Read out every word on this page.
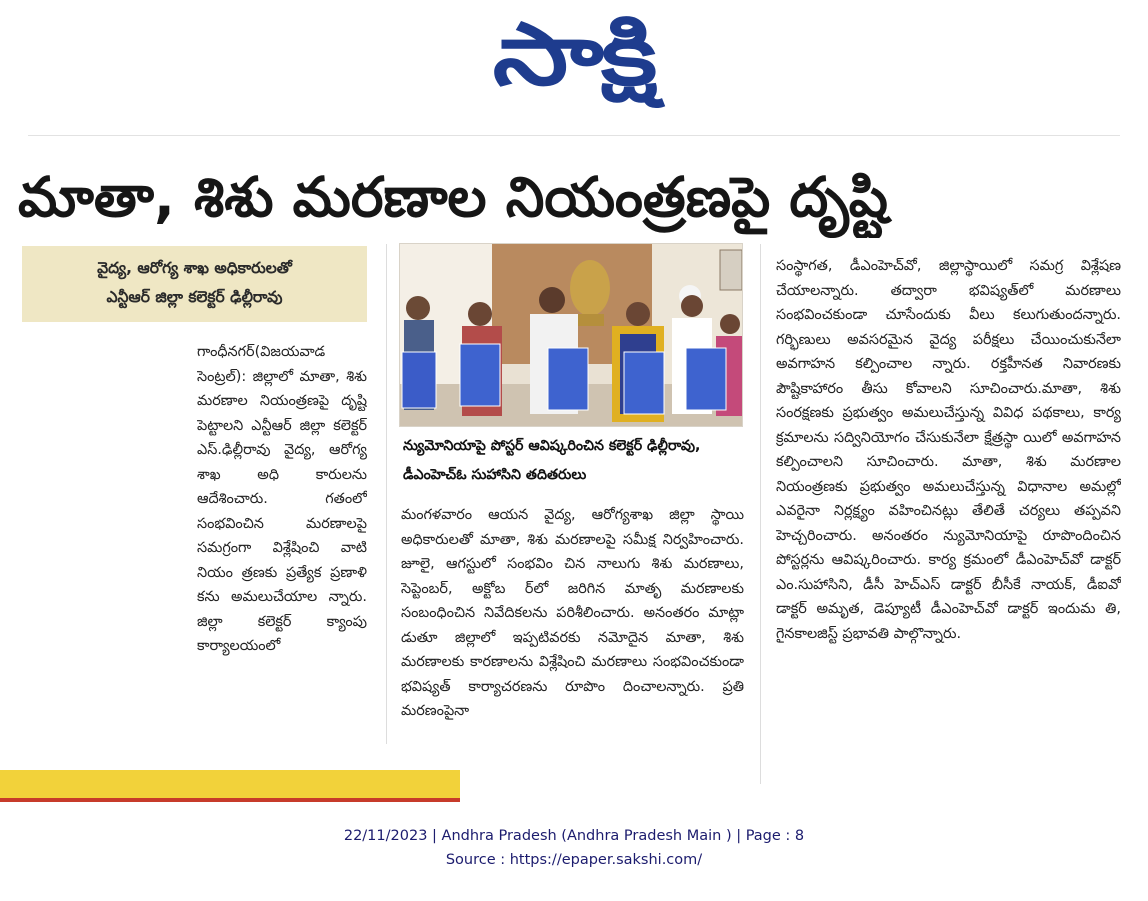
సాక్షి
మాతా, శిశు మరణాల నియంత్రణపై దృష్టి
వైద్య, ఆరోగ్య శాఖ అధికారులతో
ఎన్టీఆర్ జిల్లా కలెక్టర్ ఢిల్లీరావు

గాంధీనగర్(విజయవాడ సెంట్రల్): జిల్లాలో మాతా, శిశు మరణాల నియంత్రణపై దృష్టి పెట్టాలని ఎన్టీఆర్ జిల్లా కలెక్టర్ ఎస్.ఢిల్లీరావు వైద్య, ఆరోగ్య శాఖ అధి కారులను ఆదేశించారు. గతంలో సంభవించిన మరణాలపై సమగ్రంగా విశ్లేషించి వాటి నియం త్రణకు ప్రత్యేక ప్రణాళి కను అమలుచేయాల న్నారు. జిల్లా కలెక్టర్ క్యాంపు కార్యాలయంలో

న్యుమోనియాపై పోస్టర్ ఆవిష్కరించిన కలెక్టర్ ఢిల్లీరావు, డీఎంహెచ్‌ఓ సుహాసిని తదితరులు

మంగళవారం ఆయన వైద్య, ఆరోగ్యశాఖ జిల్లా స్థాయి అధికారులతో మాతా, శిశు మరణాలపై సమీక్ష నిర్వహించారు. జూలై, ఆగస్టులో సంభవిం చిన నాలుగు శిశు మరణాలు, సెప్టెంబర్, అక్టోబ ర్‌లో జరిగిన మాతృ మరణాలకు సంబంధించిన నివేదికలను పరిశీలించారు. అనంతరం మాట్లా డుతూ జిల్లాలో ఇప్పటివరకు నమోదైన మాతా, శిశు మరణాలకు కారణాలను విశ్లేషించి మరణాలు సంభవించకుండా భవిష్యత్ కార్యాచరణను రూపొం దించాలన్నారు. ప్రతి మరణంపైనా

సంస్థాగత, డీఎంహెచ్‌వో, జిల్లాస్థాయిలో సమగ్ర విశ్లేషణ చేయాలన్నారు. తద్వారా భవిష్యత్‌లో మరణాలు సంభవించకుండా చూసేందుకు వీలు కలుగుతుందన్నారు. గర్భిణులు అవసరమైన వైద్య పరీక్షలు చేయించుకునేలా అవగాహన కల్పించాల న్నారు. రక్తహీనత నివారణకు పౌష్టికాహారం తీసు కోవాలని సూచించారు.మాతా, శిశు సంరక్షణకు ప్రభుత్వం అమలుచేస్తున్న వివిధ పథకాలు, కార్య క్రమాలను సద్వినియోగం చేసుకునేలా క్షేత్రస్థా యిలో అవగాహన కల్పించాలని సూచించారు. మాతా, శిశు మరణాల నియంత్రణకు ప్రభుత్వం అమలుచేస్తున్న విధానాల అమల్లో ఎవరైనా నిర్లక్ష్యం వహించినట్లు తేలితే చర్యలు తప్పవని హెచ్చరించారు. అనంతరం న్యుమోనియాపై రూపొందించిన పోస్టర్లను ఆవిష్కరించారు. కార్య క్రమంలో డీఎంహెచ్‌వో డాక్టర్ ఎం.సుహాసిని, డీసీ హెచ్ఎస్ డాక్టర్ బీసీకే నాయక్, డీఐవో డాక్టర్ అమృత, డెప్యూటీ డీఎంహెచ్‌వో డాక్టర్ ఇందుమ తి, గైనకాలజిస్ట్ ప్రభావతి పాల్గొన్నారు.

22/11/2023 | Andhra Pradesh (Andhra Pradesh Main ) | Page : 8
Source : https://epaper.sakshi.com/
